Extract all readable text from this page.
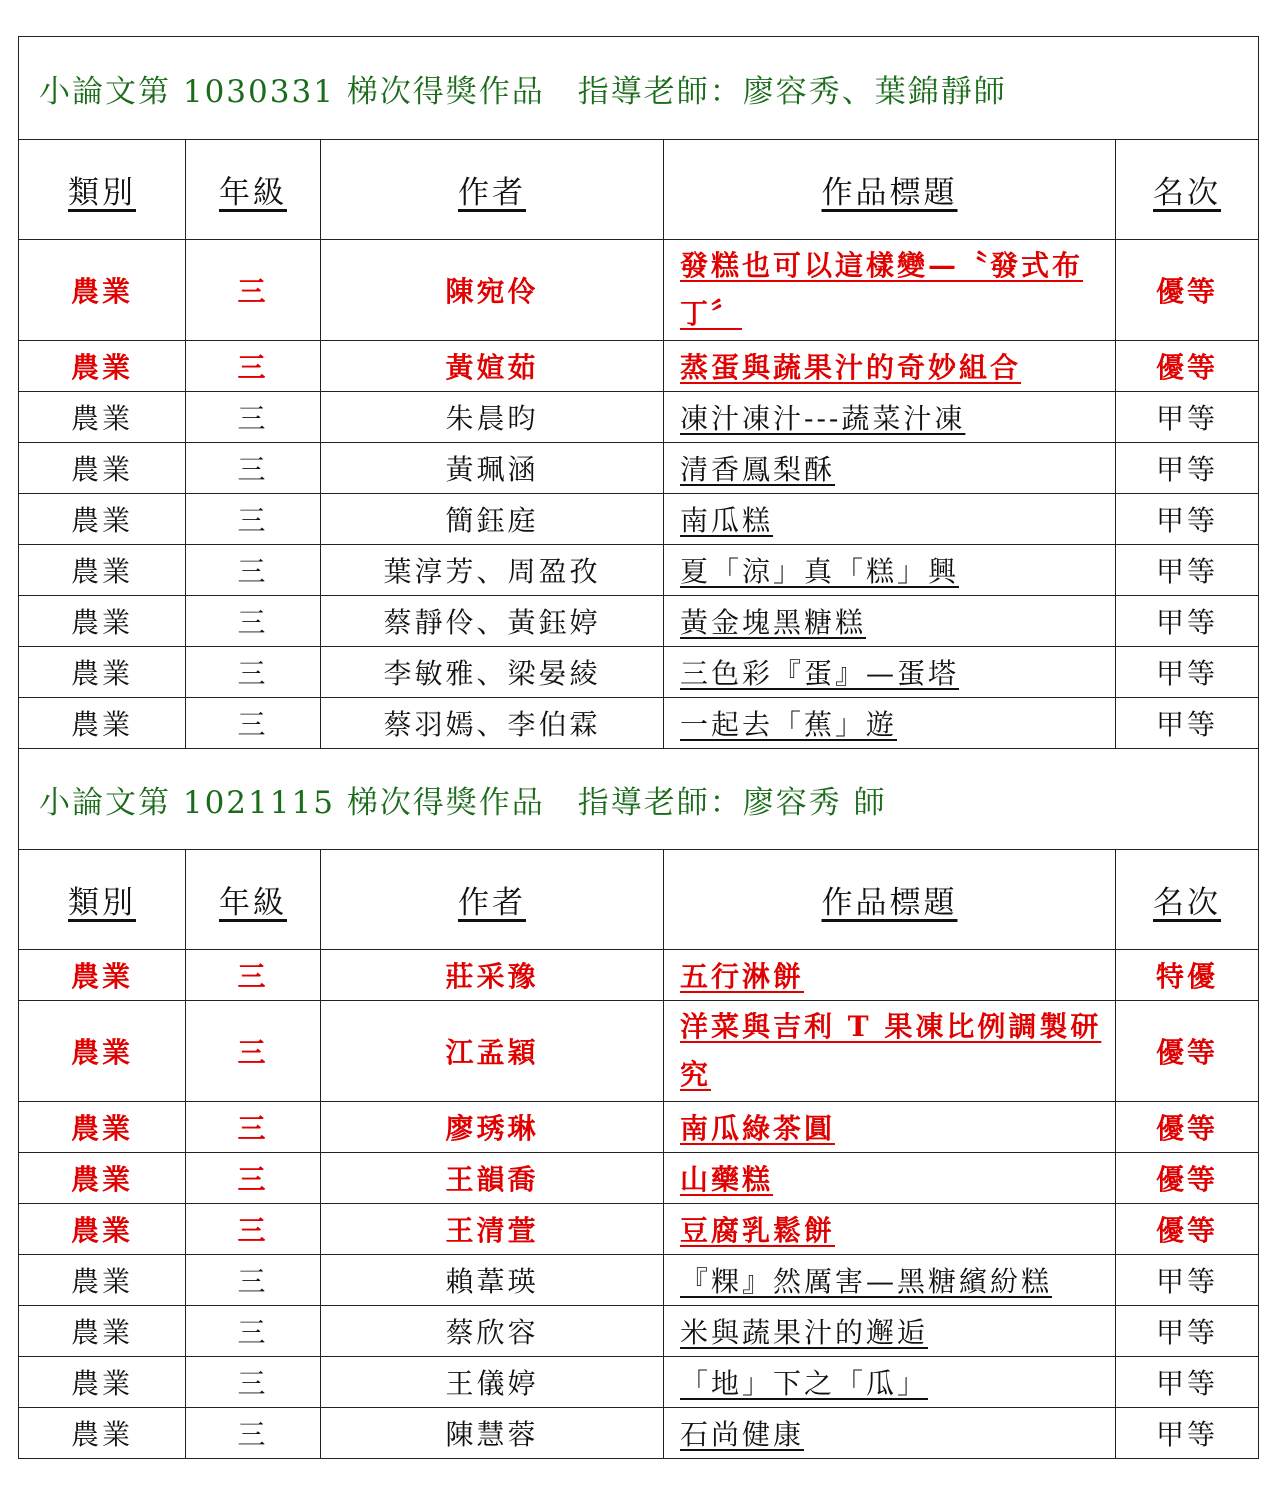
小論文第 1030331 梯次得獎作品　指導老師：廖容秀、葉錦靜師				
類別	年級	作者	作品標題	名次
農業	三	陳宛伶	發糕也可以這樣變—〝發式布丁〞	優等
農業	三	黃媗茹	蒸蛋與蔬果汁的奇妙組合	優等
農業	三	朱晨昀	凍汁凍汁---蔬菜汁凍	甲等
農業	三	黃珮涵	清香鳳梨酥	甲等
農業	三	簡鈺庭	南瓜糕	甲等
農業	三	葉淳芳、周盈孜	夏「涼」真「糕」興	甲等
農業	三	蔡靜伶、黃鈺婷	黃金塊黑糖糕	甲等
農業	三	李敏雅、梁晏綾	三色彩『蛋』—蛋塔	甲等
農業	三	蔡羽嫣、李伯霖	一起去「蕉」遊	甲等
小論文第 1021115 梯次得獎作品　指導老師：廖容秀 師				
類別	年級	作者	作品標題	名次
農業	三	莊采豫	五行淋餅	特優
農業	三	江孟穎	洋菜與吉利 T 果凍比例調製研究	優等
農業	三	廖琇琳	南瓜綠茶圓	優等
農業	三	王韻喬	山藥糕	優等
農業	三	王清萱	豆腐乳鬆餅	優等
農業	三	賴葦瑛	『粿』然厲害—黑糖繽紛糕	甲等
農業	三	蔡欣容	米與蔬果汁的邂逅	甲等
農業	三	王儀婷	「地」下之「瓜」	甲等
農業	三	陳慧蓉	石尚健康	甲等
